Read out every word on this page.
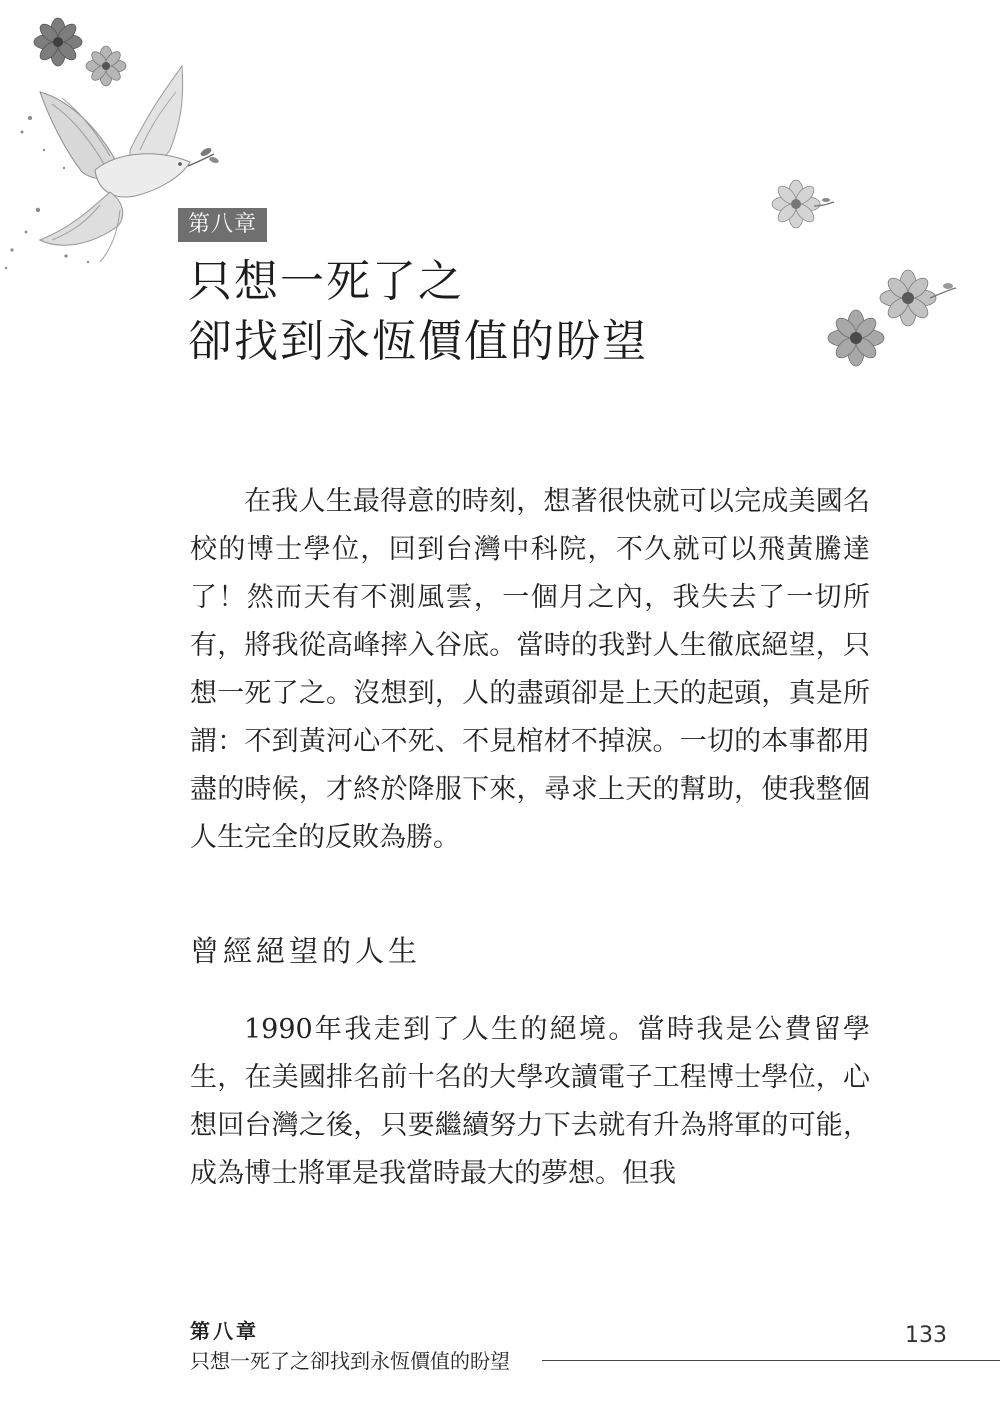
第八章
只想一死了之
卻找到永恆價值的盼望

在我人生最得意的時刻，想著很快就可以完成美國名校的博士學位，回到台灣中科院，不久就可以飛黃騰達了！然而天有不測風雲，一個月之內，我失去了一切所有，將我從高峰摔入谷底。當時的我對人生徹底絕望，只想一死了之。沒想到，人的盡頭卻是上天的起頭，真是所謂：不到黃河心不死、不見棺材不掉淚。一切的本事都用盡的時候，才終於降服下來，尋求上天的幫助，使我整個人生完全的反敗為勝。

曾經絕望的人生

1990年我走到了人生的絕境。當時我是公費留學生，在美國排名前十名的大學攻讀電子工程博士學位，心想回台灣之後，只要繼續努力下去就有升為將軍的可能，成為博士將軍是我當時最大的夢想。但我

第八章
只想一死了之卻找到永恆價值的盼望
133
